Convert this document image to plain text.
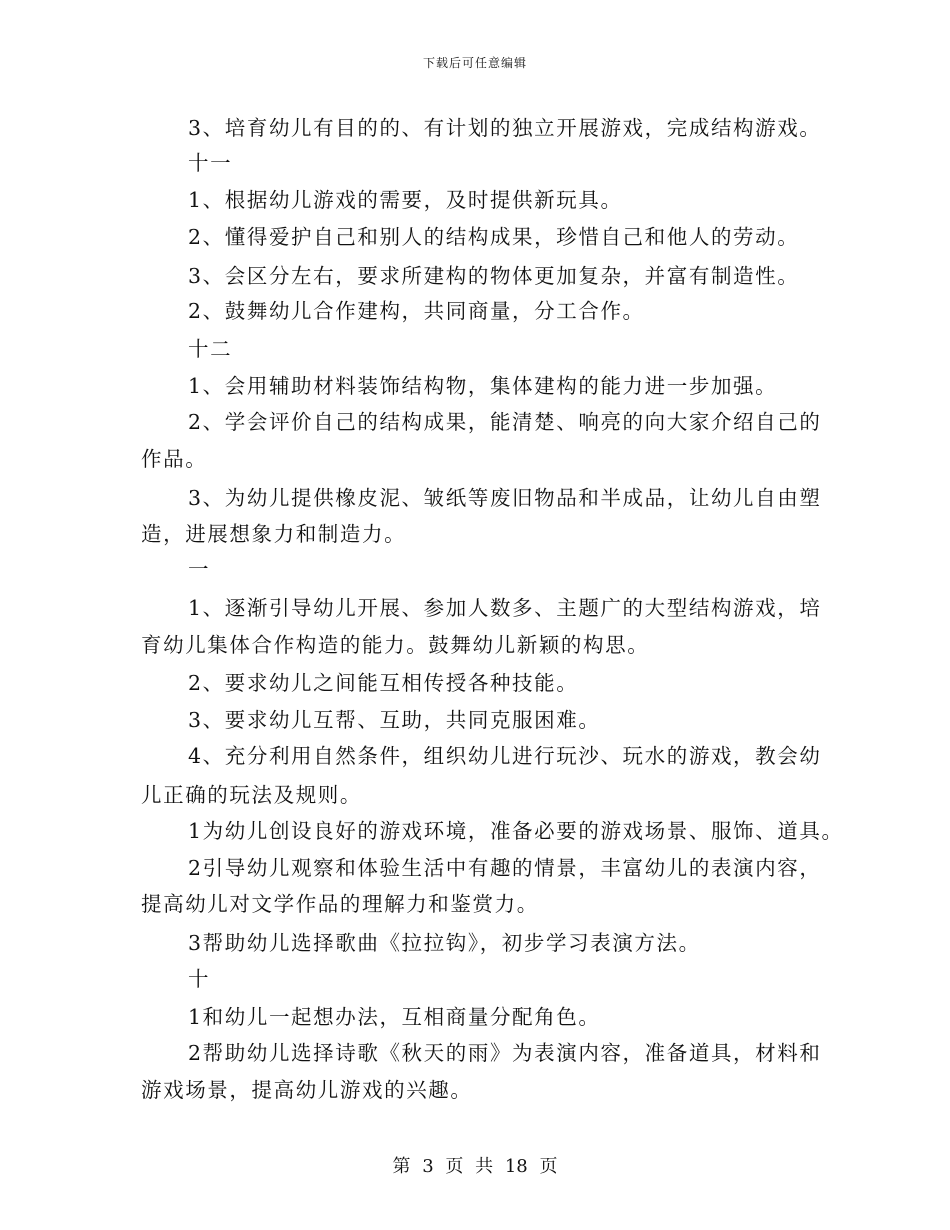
下载后可任意编辑
3、培育幼儿有目的的、有计划的独立开展游戏，完成结构游戏。
十一
1、根据幼儿游戏的需要，及时提供新玩具。
2、懂得爱护自己和别人的结构成果，珍惜自己和他人的劳动。
3、会区分左右，要求所建构的物体更加复杂，并富有制造性。
2、鼓舞幼儿合作建构，共同商量，分工合作。
十二
1、会用辅助材料装饰结构物，集体建构的能力进一步加强。
2、学会评价自己的结构成果，能清楚、响亮的向大家介绍自己的
作品。
3、为幼儿提供橡皮泥、皱纸等废旧物品和半成品，让幼儿自由塑
造，进展想象力和制造力。
一
1、逐渐引导幼儿开展、参加人数多、主题广的大型结构游戏，培
育幼儿集体合作构造的能力。鼓舞幼儿新颖的构思。
2、要求幼儿之间能互相传授各种技能。
3、要求幼儿互帮、互助，共同克服困难。
4、充分利用自然条件，组织幼儿进行玩沙、玩水的游戏，教会幼
儿正确的玩法及规则。
1为幼儿创设良好的游戏环境，准备必要的游戏场景、服饰、道具。
2引导幼儿观察和体验生活中有趣的情景，丰富幼儿的表演内容，
提高幼儿对文学作品的理解力和鉴赏力。
3帮助幼儿选择歌曲《拉拉钩》，初步学习表演方法。
十
1和幼儿一起想办法，互相商量分配角色。
2帮助幼儿选择诗歌《秋天的雨》为表演内容，准备道具，材料和
游戏场景，提高幼儿游戏的兴趣。
第 3 页 共 18 页
